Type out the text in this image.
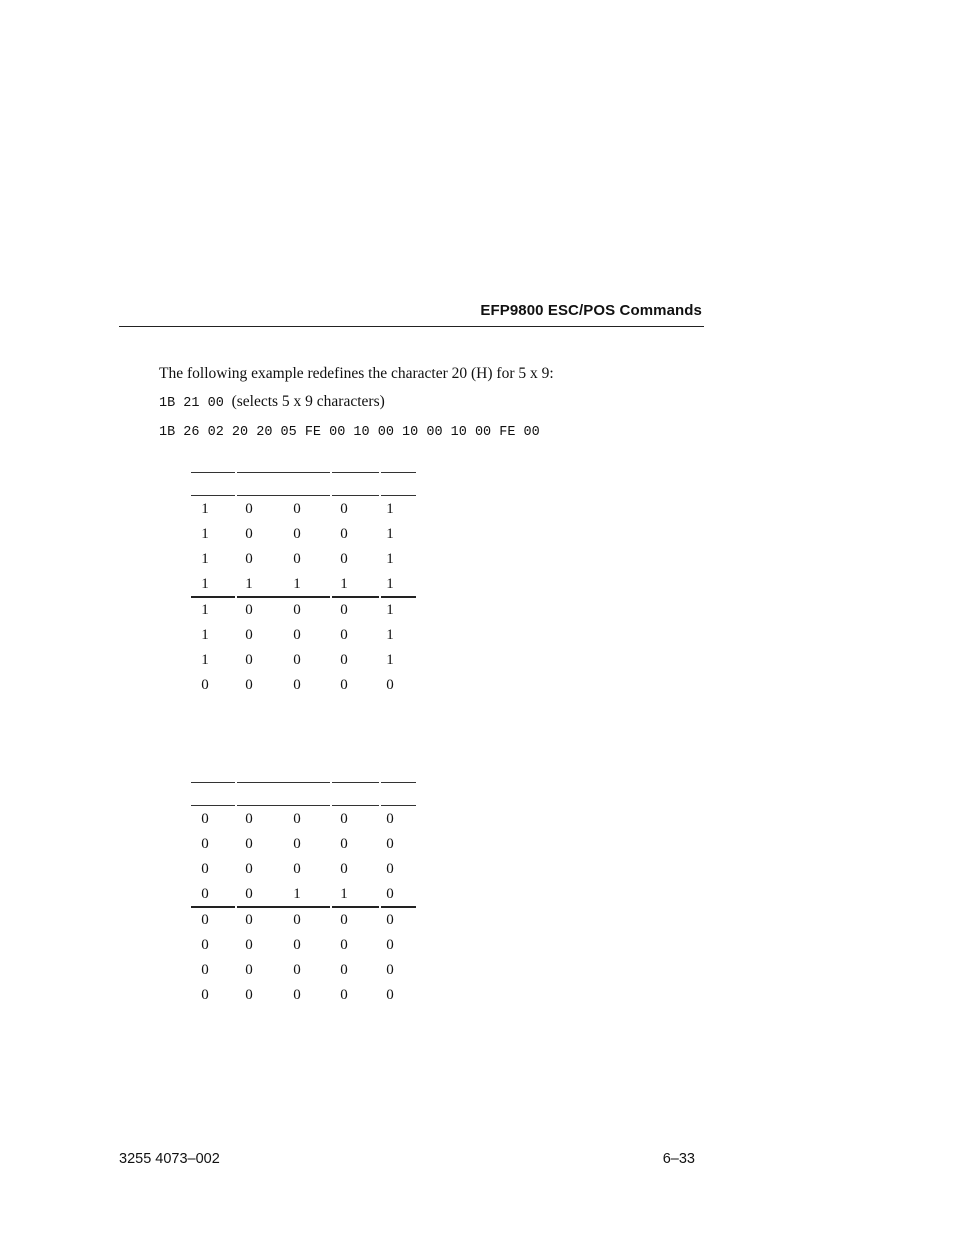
EFP9800 ESC/POS Commands
The following example redefines the character 20 (H) for 5 x 9:
1B 21 00 (selects 5 x 9 characters)
1B 26 02 20 20 05 FE 00 10 00 10 00 10 00 FE 00
1	0	0	0	1
1	0	0	0	1
1	0	0	0	1
1	1	1	1	1
1	0	0	0	1
1	0	0	0	1
1	0	0	0	1
0	0	0	0	0
0	0	0	0	0
0	0	0	0	0
0	0	0	0	0
0	0	1	1	0
0	0	0	0	0
0	0	0	0	0
0	0	0	0	0
0	0	0	0	0
3255 4073–002	6–33
